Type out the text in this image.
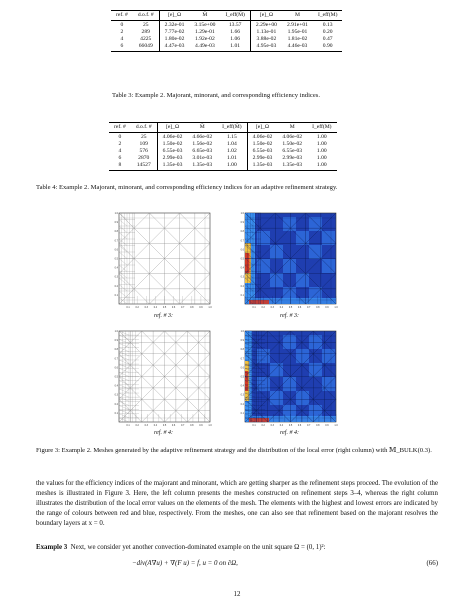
ref. #	d.o.f. #	[e]_Ω	M̄	I_eff(M̄)	[e]_Ω	M	I_eff(M)
0	25	2.32e-01	3.15e+00	13.57	2.29e+00	2.91e+01	0.13
2	289	7.77e-02	1.29e-01	1.66	1.13e-01	1.95e-01	0.20
4	4225	1.80e-02	1.92e-02	1.06	3.88e-02	1.81e-02	0.47
6	66049	4.47e-03	4.49e-03	1.01	4.95e-03	4.46e-03	0.90
Table 3: Example 2. Majorant, minorant, and corresponding efficiency indices.
ref. #	d.o.f. #	[e]_Ω	M̄	I_eff(M̄)	[e]_Ω	M	I_eff(M)
0	25	4.06e-02	4.66e-02	1.15	4.06e-02	4.06e-02	1.00
2	109	1.50e-02	1.56e-02	1.04	1.50e-02	1.50e-02	1.00
4	576	6.55e-03	6.65e-03	1.02	6.55e-03	6.55e-03	1.00
6	2870	2.99e-03	3.01e-03	1.01	2.99e-03	2.99e-03	1.00
8	14527	1.35e-03	1.35e-03	1.00	1.35e-03	1.35e-03	1.00
Table 4: Example 2. Majorant, minorant, and corresponding efficiency indices for an adaptive refinement strategy.
0.1
0.1
0.2
0.2
0.3
0.3
0.4
0.4
0.5
0.5
0.6
0.6
0.7
0.7
0.8
0.8
0.9
0.9
1.0
1.0
ref. # 3:
0.1
0.1
0.2
0.2
0.3
0.3
0.4
0.4
0.5
0.5
0.6
0.6
0.7
0.7
0.8
0.8
0.9
0.9
1.0
1.0
ref. # 3:
0.1
0.1
0.2
0.2
0.3
0.3
0.4
0.4
0.5
0.5
0.6
0.6
0.7
0.7
0.8
0.8
0.9
0.9
1.0
1.0
ref. # 4:
0.1
0.1
0.2
0.2
0.3
0.3
0.4
0.4
0.5
0.5
0.6
0.6
0.7
0.7
0.8
0.8
0.9
0.9
1.0
1.0
ref. # 4:
Figure 3: Example 2. Meshes generated by the adaptive refinement strategy and the distribution of the local error (right column) with 𝕄_BULK(0.3).
the values for the efficiency indices of the majorant and minorant, which are getting sharper as the refinement steps proceed. The evolution of the meshes is illustrated in Figure 3. Here, the left column presents the meshes constructed on refinement steps 3–4, whereas the right column illustrates the distribution of the local error values on the elements of the mesh. The elements with the highest and lowest errors are indicated by the range of colours between red and blue, respectively. From the meshes, one can also see that refinement based on the majorant resolves the boundary layers at x = 0.
Example 3 Next, we consider yet another convection-dominated example on the unit square Ω = (0, 1)²:
−div(A∇u) + ∇(F u) = f, u = 0 on ∂Ω,	(66)
12
